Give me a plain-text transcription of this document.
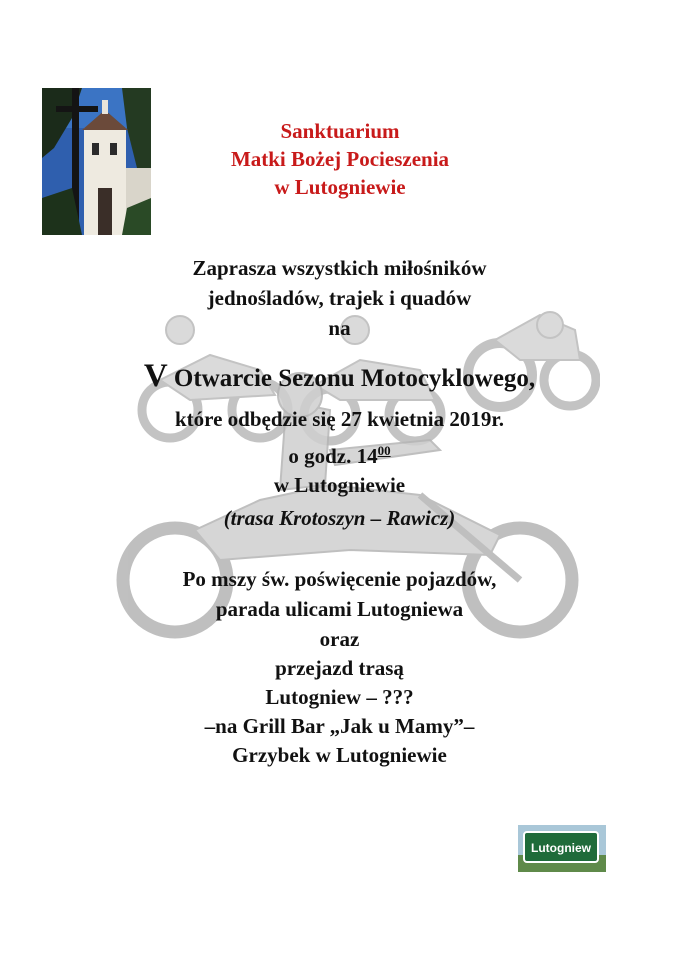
Sanktuarium
Matki Bożej Pocieszenia
w Lutogniewie
Zaprasza wszystkich miłośników
jednośladów, trajek i quadów
na
V Otwarcie Sezonu Motocyklowego,
które odbędzie się 27 kwietnia 2019r.
o godz. $14^{00}$
w Lutogniewie
(trasa Krotoszyn – Rawicz)
Po mszy św. poświęcenie pojazdów,
parada ulicami Lutogniewa
oraz
przejazd trasą
Lutogniew – ???
–na Grill Bar „Jak u Mamy”–
Grzybek w Lutogniewie
Lutogniew
